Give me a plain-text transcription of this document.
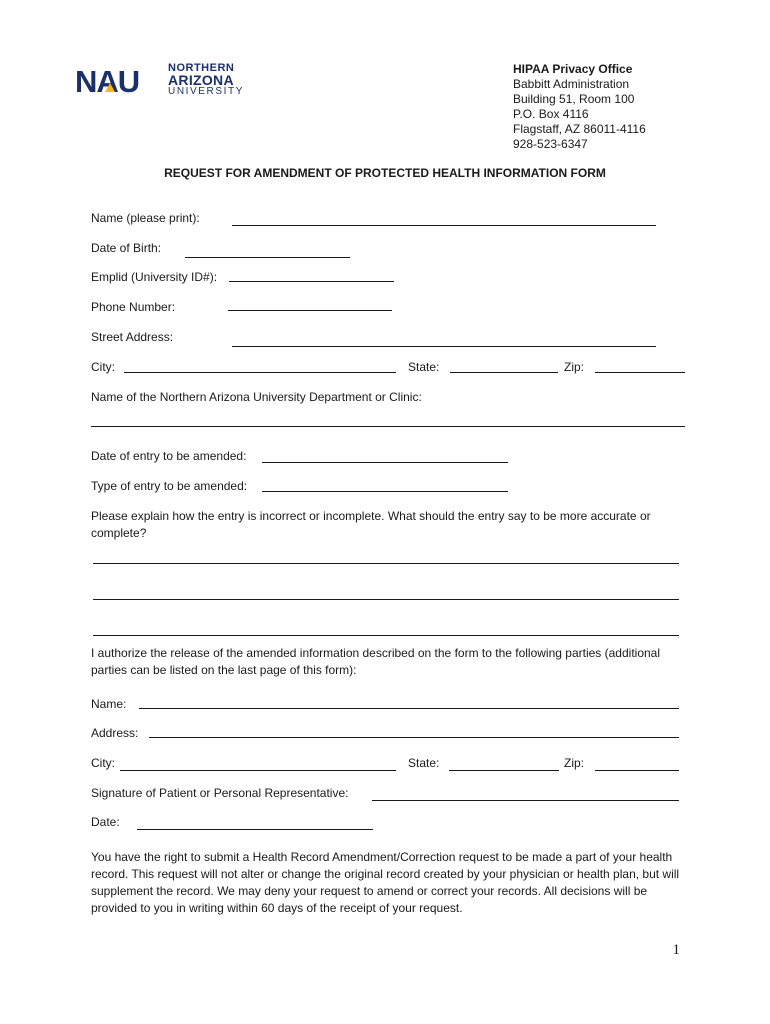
NAU	NORTHERN
ARIZONA
UNIVERSITY
HIPAA Privacy Office
Babbitt Administration
Building 51, Room 100
P.O. Box 4116
Flagstaff, AZ 86011-4116
928-523-6347
REQUEST FOR AMENDMENT OF PROTECTED HEALTH INFORMATION FORM
Name (please print):
Date of Birth:
Emplid (University ID#):
Phone Number:
Street Address:
City:	State:	Zip:
Name of the Northern Arizona University Department or Clinic:
Date of entry to be amended:
Type of entry to be amended:
Please explain how the entry is incorrect or incomplete. What should the entry say to be more accurate or complete?
I authorize the release of the amended information described on the form to the following parties (additional parties can be listed on the last page of this form):
Name:
Address:
City:	State:	Zip:
Signature of Patient or Personal Representative:
Date:
You have the right to submit a Health Record Amendment/Correction request to be made a part of your health record. This request will not alter or change the original record created by your physician or health plan, but will supplement the record. We may deny your request to amend or correct your records. All decisions will be provided to you in writing within 60 days of the receipt of your request.
1
